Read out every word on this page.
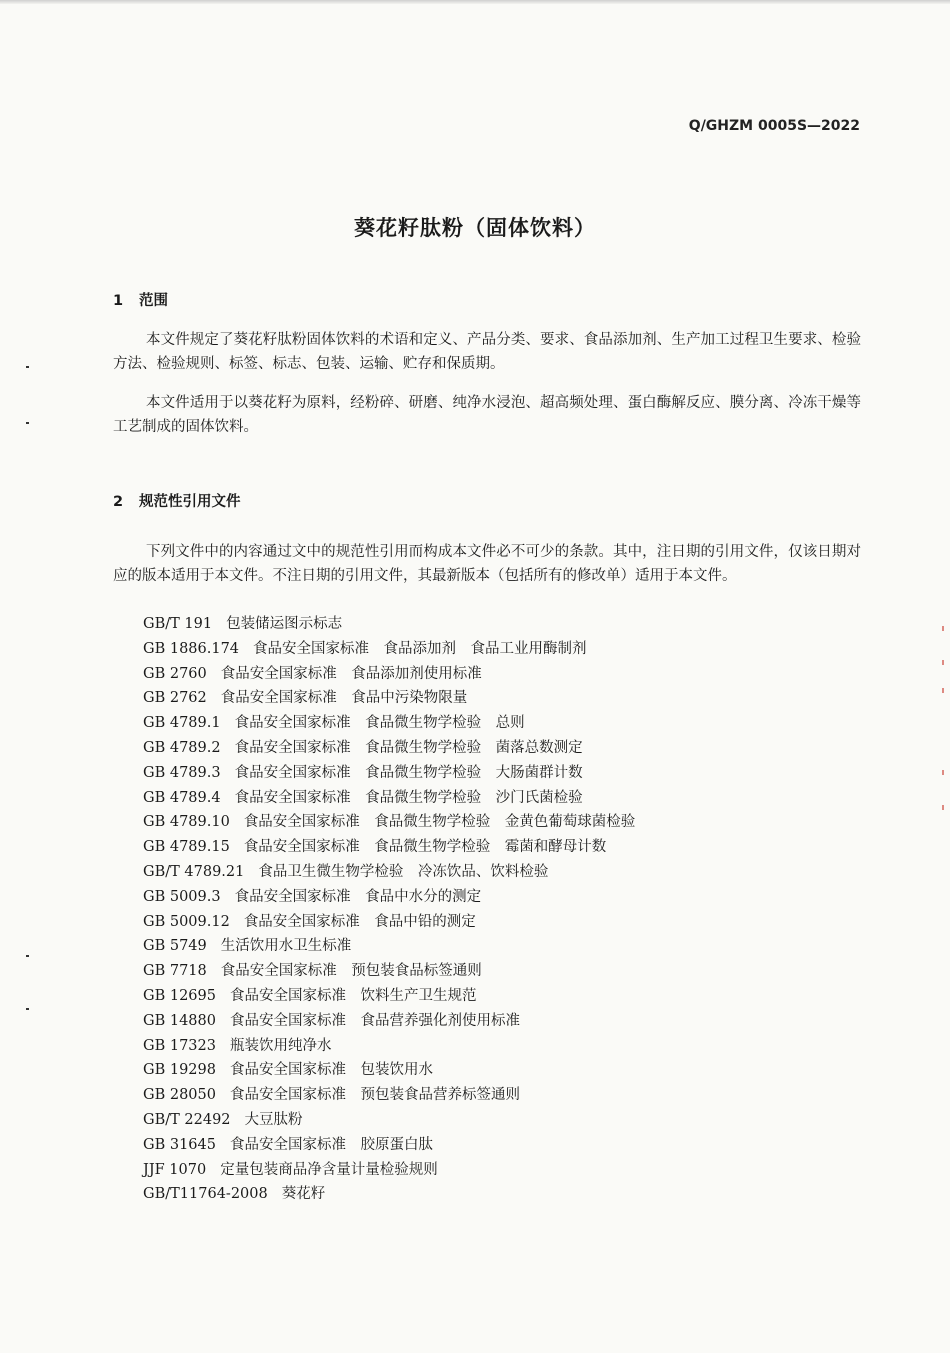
Q/GHZM 0005S—2022
葵花籽肽粉（固体饮料）
1 范围

本文件规定了葵花籽肽粉固体饮料的术语和定义、产品分类、要求、食品添加剂、生产加工过程卫生要求、检验方法、检验规则、标签、标志、包装、运输、贮存和保质期。

本文件适用于以葵花籽为原料，经粉碎、研磨、纯净水浸泡、超高频处理、蛋白酶解反应、膜分离、冷冻干燥等工艺制成的固体饮料。

2 规范性引用文件

下列文件中的内容通过文中的规范性引用而构成本文件必不可少的条款。其中，注日期的引用文件，仅该日期对应的版本适用于本文件。不注日期的引用文件，其最新版本（包括所有的修改单）适用于本文件。

GB/T 191 包装储运图示标志
GB 1886.174 食品安全国家标准　食品添加剂　食品工业用酶制剂
GB 2760 食品安全国家标准　食品添加剂使用标准
GB 2762 食品安全国家标准　食品中污染物限量
GB 4789.1 食品安全国家标准　食品微生物学检验　总则
GB 4789.2 食品安全国家标准　食品微生物学检验　菌落总数测定
GB 4789.3 食品安全国家标准　食品微生物学检验　大肠菌群计数
GB 4789.4 食品安全国家标准　食品微生物学检验　沙门氏菌检验
GB 4789.10 食品安全国家标准　食品微生物学检验　金黄色葡萄球菌检验
GB 4789.15 食品安全国家标准　食品微生物学检验　霉菌和酵母计数
GB/T 4789.21 食品卫生微生物学检验　冷冻饮品、饮料检验
GB 5009.3 食品安全国家标准　食品中水分的测定
GB 5009.12 食品安全国家标准　食品中铅的测定
GB 5749 生活饮用水卫生标准
GB 7718 食品安全国家标准　预包装食品标签通则
GB 12695 食品安全国家标准　饮料生产卫生规范
GB 14880 食品安全国家标准　食品营养强化剂使用标准
GB 17323 瓶装饮用纯净水
GB 19298 食品安全国家标准　包装饮用水
GB 28050 食品安全国家标准　预包装食品营养标签通则
GB/T 22492 大豆肽粉
GB 31645 食品安全国家标准　胶原蛋白肽
JJF 1070 定量包装商品净含量计量检验规则
GB/T11764-2008 葵花籽
